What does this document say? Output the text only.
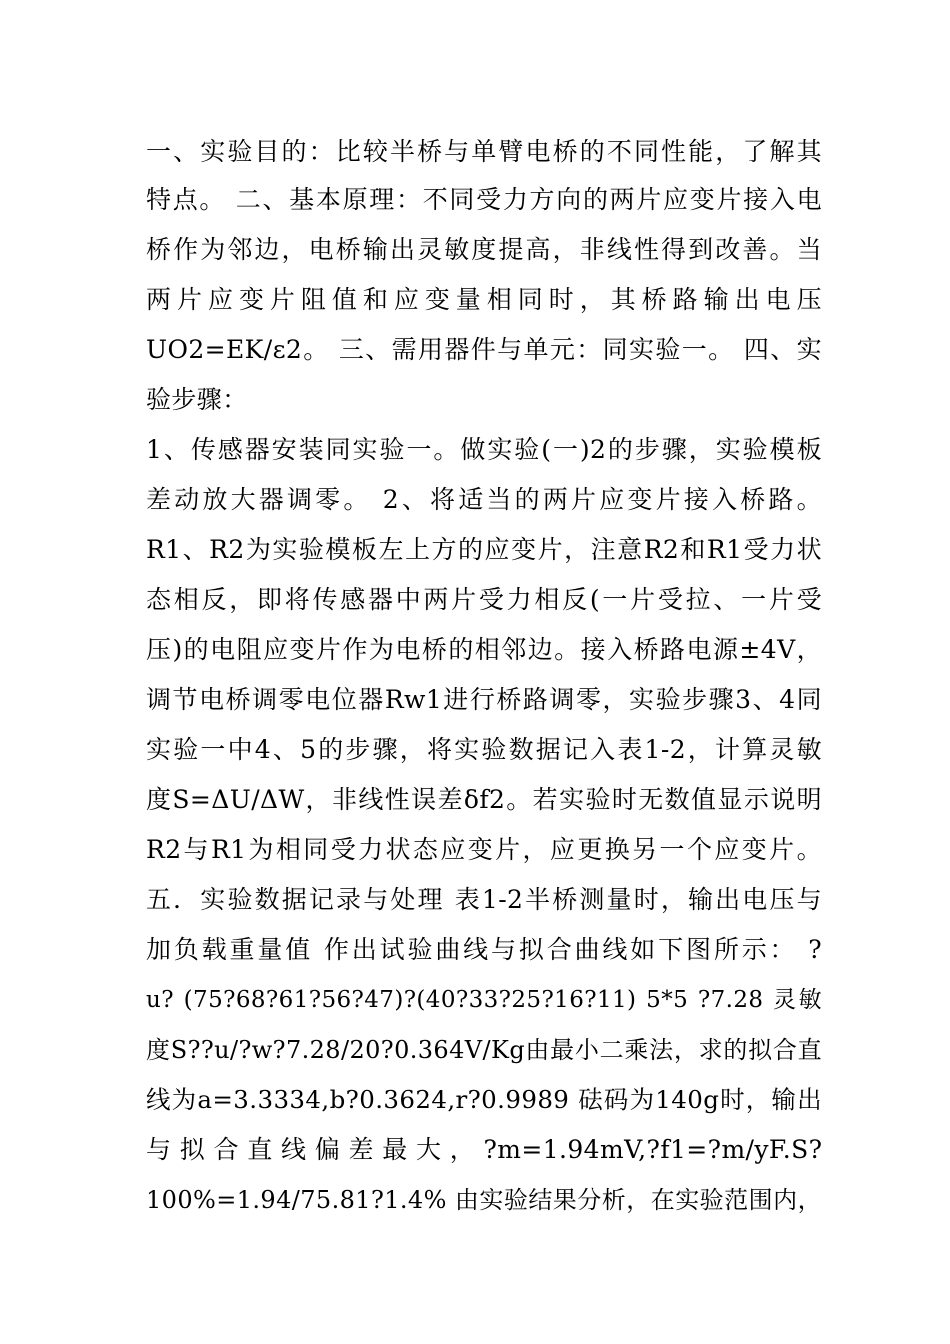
一、实验目的：比较半桥与单臂电桥的不同性能，了解其
特点。 二、基本原理：不同受力方向的两片应变片接入电
桥作为邻边，电桥输出灵敏度提高，非线性得到改善。当
两片应变片阻值和应变量相同时，其桥路输出电压
UO2=EK/ε2。 三、需用器件与单元：同实验一。 四、实
验步骤：
1、传感器安装同实验一。做实验(一)2的步骤，实验模板
差动放大器调零。 2、将适当的两片应变片接入桥路。
R1、R2为实验模板左上方的应变片，注意R2和R1受力状
态相反，即将传感器中两片受力相反(一片受拉、一片受
压)的电阻应变片作为电桥的相邻边。接入桥路电源±4V，
调节电桥调零电位器Rw1进行桥路调零，实验步骤3、4同
实验一中4、5的步骤，将实验数据记入表1-2，计算灵敏
度S=ΔU/ΔW，非线性误差δf2。若实验时无数值显示说明
R2与R1为相同受力状态应变片，应更换另一个应变片。
五．实验数据记录与处理 表1-2半桥测量时，输出电压与
加负载重量值 作出试验曲线与拟合曲线如下图所示： ?
u? (75?68?61?56?47)?(40?33?25?16?11) 5*5 ?7.28 灵敏
度S??u/?w?7.28/20?0.364V/Kg由最小二乘法，求的拟合直
线为a=3.3334,b?0.3624,r?0.9989 砝码为140g时，输出
与 拟 合 直 线 偏 差 最 大 ， ?m=1.94mV,?f1=?m/yF.S?
100%=1.94/75.81?1.4% 由实验结果分析，在实验范围内，
